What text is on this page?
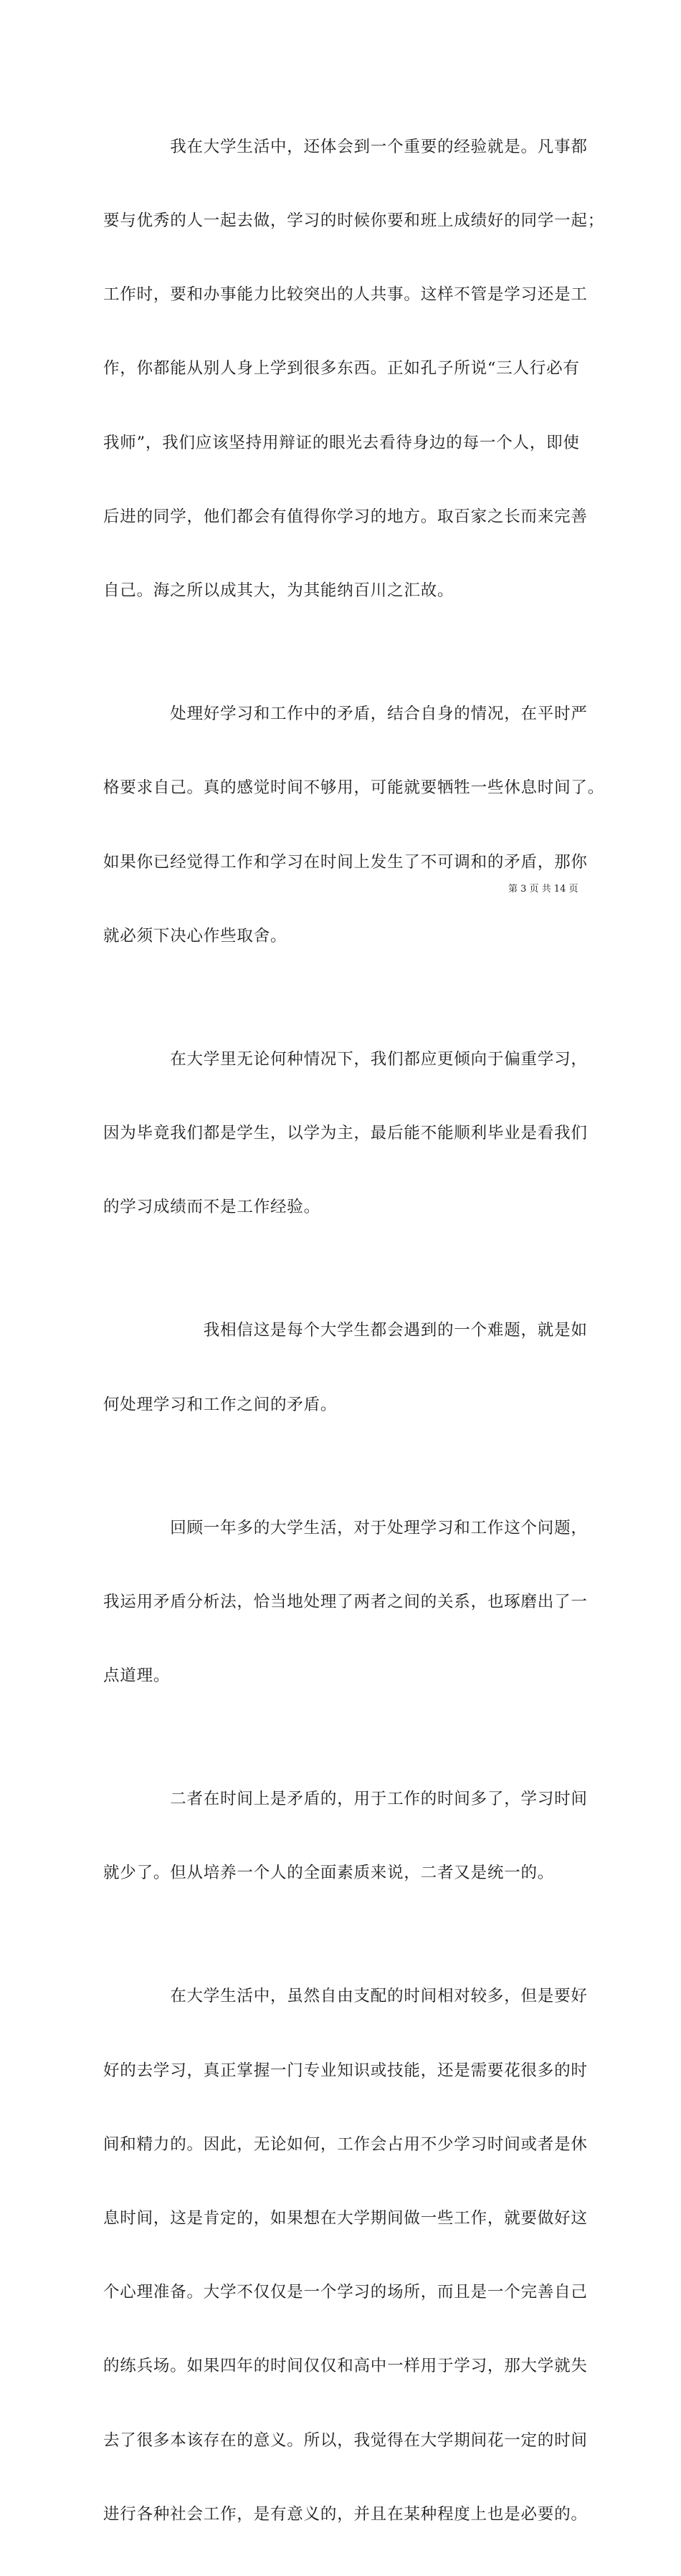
　　　　我在大学生活中，还体会到一个重要的经验就是。凡事都

要与优秀的人一起去做，学习的时候你要和班上成绩好的同学一起；

工作时，要和办事能力比较突出的人共事。这样不管是学习还是工

作，你都能从别人身上学到很多东西。正如孔子所说“三人行必有

我师”，我们应该坚持用辩证的眼光去看待身边的每一个人，即使

后进的同学，他们都会有值得你学习的地方。取百家之长而来完善

自己。海之所以成其大，为其能纳百川之汇故。

　　　　处理好学习和工作中的矛盾，结合自身的情况，在平时严

格要求自己。真的感觉时间不够用，可能就要牺牲一些休息时间了。

如果你已经觉得工作和学习在时间上发生了不可调和的矛盾，那你

就必须下决心作些取舍。

　　　　在大学里无论何种情况下，我们都应更倾向于偏重学习，

因为毕竟我们都是学生，以学为主，最后能不能顺利毕业是看我们

的学习成绩而不是工作经验。

　　　　　　我相信这是每个大学生都会遇到的一个难题，就是如

何处理学习和工作之间的矛盾。

　　　　回顾一年多的大学生活，对于处理学习和工作这个问题，

我运用矛盾分析法，恰当地处理了两者之间的关系，也琢磨出了一

点道理。

　　　　二者在时间上是矛盾的，用于工作的时间多了，学习时间

就少了。但从培养一个人的全面素质来说，二者又是统一的。

　　　　在大学生活中，虽然自由支配的时间相对较多，但是要好

好的去学习，真正掌握一门专业知识或技能，还是需要花很多的时

间和精力的。因此，无论如何，工作会占用不少学习时间或者是休

息时间，这是肯定的，如果想在大学期间做一些工作，就要做好这

个心理准备。大学不仅仅是一个学习的场所，而且是一个完善自己

的练兵场。如果四年的时间仅仅和高中一样用于学习，那大学就失

去了很多本该存在的意义。所以，我觉得在大学期间花一定的时间

进行各种社会工作，是有意义的，并且在某种程度上也是必要的。

第 3 页 共 14 页
